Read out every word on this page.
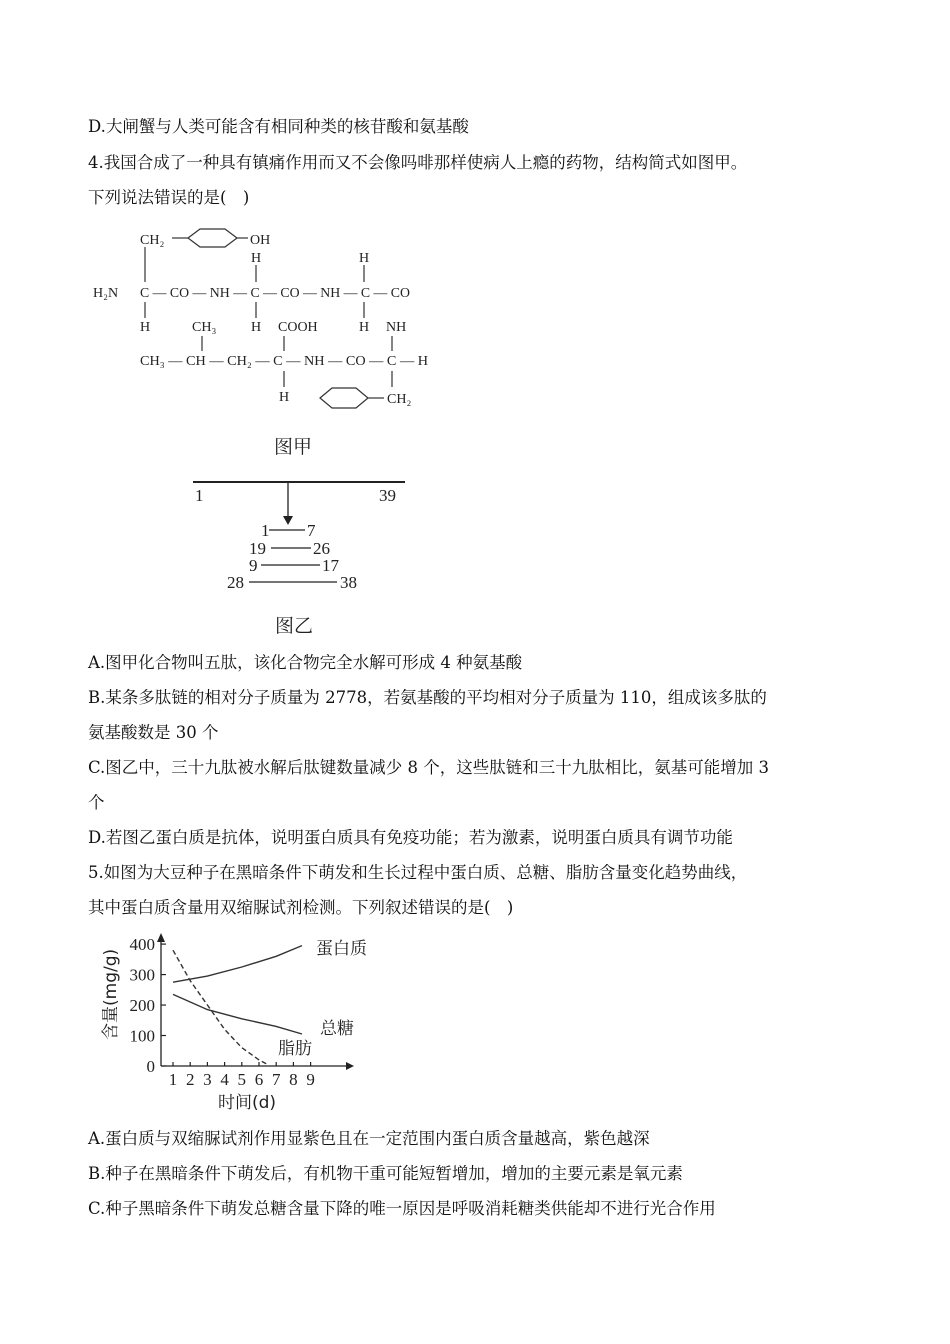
D.大闸蟹与人类可能含有相同种类的核苷酸和氨基酸
4.我国合成了一种具有镇痛作用而又不会像吗啡那样使病人上瘾的药物，结构简式如图甲。
下列说法错误的是(　)
CH₂	OH
H	H
H₂N C — CO — NH — C — CO — NH — C — CO
H	CH₃ H COOH	H NH
CH₃ — CH — CH₂ — C — NH — CO — C — H
H	CH₂
图甲
1	39
1 7
19	26
9	17
28	38
图乙
A.图甲化合物叫五肽，该化合物完全水解可形成 4 种氨基酸
B.某条多肽链的相对分子质量为 2778，若氨基酸的平均相对分子质量为 110，组成该多肽的
氨基酸数是 30 个
C.图乙中，三十九肽被水解后肽键数量减少 8 个，这些肽链和三十九肽相比，氨基可能增加 3
个
D.若图乙蛋白质是抗体，说明蛋白质具有免疫功能；若为激素，说明蛋白质具有调节功能
5.如图为大豆种子在黑暗条件下萌发和生长过程中蛋白质、总糖、脂肪含量变化趋势曲线，
其中蛋白质含量用双缩脲试剂检测。下列叙述错误的是(　)
0
100
200
300
400
1 2 3 4 5 6 7 8 9
蛋白质
总糖
脂肪
含量(mg/g)
时间(d)
A.蛋白质与双缩脲试剂作用显紫色且在一定范围内蛋白质含量越高，紫色越深
B.种子在黑暗条件下萌发后，有机物干重可能短暂增加，增加的主要元素是氧元素
C.种子黑暗条件下萌发总糖含量下降的唯一原因是呼吸消耗糖类供能却不进行光合作用
